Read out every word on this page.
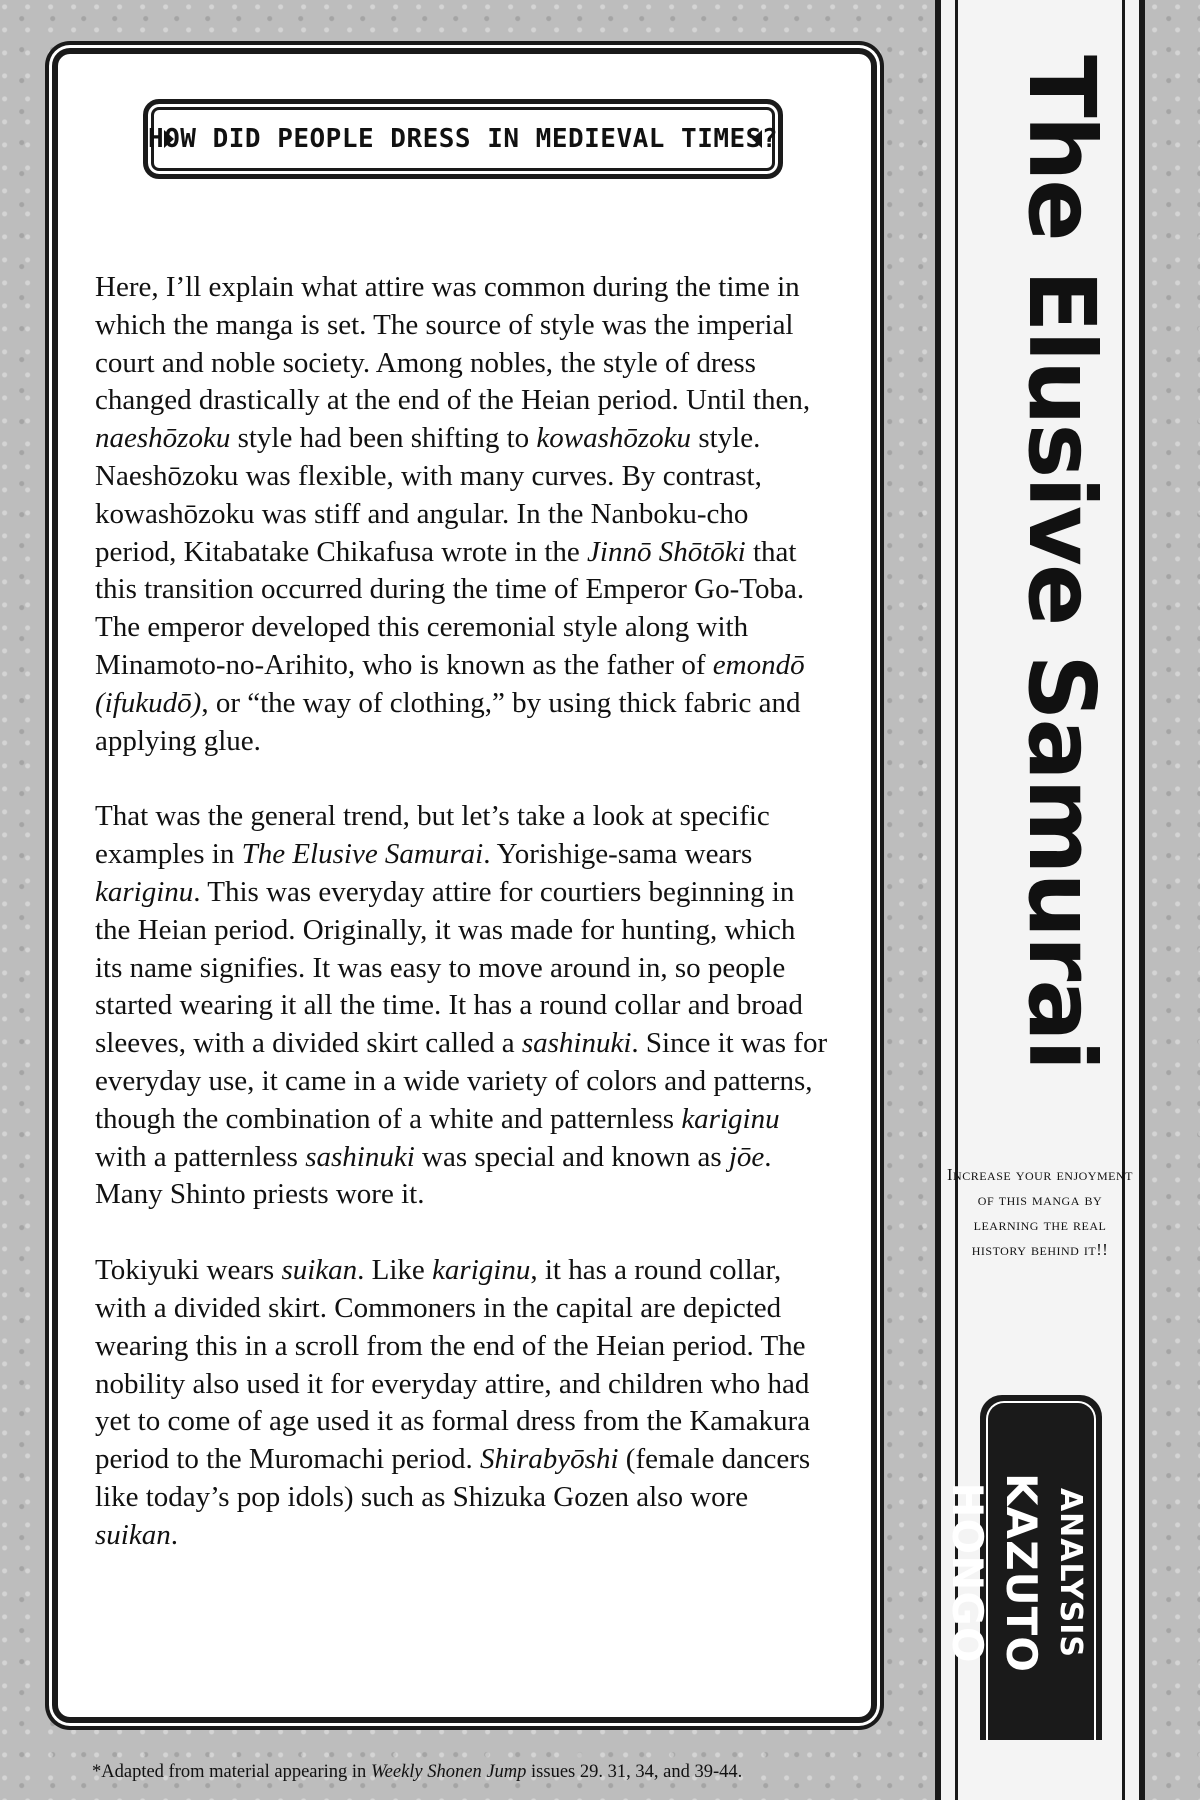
HOW DID PEOPLE DRESS IN MEDIEVAL TIMES?

Here, I’ll explain what attire was common during the time in which the manga is set. The source of style was the imperial court and noble society. Among nobles, the style of dress changed drastically at the end of the Heian period. Until then, naeshōzoku style had been shifting to kowashōzoku style. Naeshōzoku was flexible, with many curves. By contrast, kowashōzoku was stiff and angular. In the Nanboku-cho period, Kitabatake Chikafusa wrote in the Jinnō Shōtōki that this transition occurred during the time of Emperor Go-Toba. The emperor developed this ceremonial style along with Minamoto-no-Arihito, who is known as the father of emondō (ifukudō), or “the way of clothing,” by using thick fabric and applying glue.

That was the general trend, but let’s take a look at specific examples in The Elusive Samurai. Yorishige-sama wears kariginu. This was everyday attire for courtiers beginning in the Heian period. Originally, it was made for hunting, which its name signifies. It was easy to move around in, so people started wearing it all the time. It has a round collar and broad sleeves, with a divided skirt called a sashinuki. Since it was for everyday use, it came in a wide variety of colors and patterns, though the combination of a white and patternless kariginu with a patternless sashinuki was special and known as jōe. Many Shinto priests wore it.

Tokiyuki wears suikan. Like kariginu, it has a round collar, with a divided skirt. Commoners in the capital are depicted wearing this in a scroll from the end of the Heian period. The nobility also used it for everyday attire, and children who had yet to come of age used it as formal dress from the Kamakura period to the Muromachi period. Shirabyōshi (female dancers like today’s pop idols) such as Shizuka Gozen also wore suikan.

*Adapted from material appearing in Weekly Shonen Jump issues 29. 31, 34, and 39-44.
The Elusive Samurai
Increase your enjoyment of this manga by learning the real history behind it!!
ANALYSIS
KAZUTO HONGO
